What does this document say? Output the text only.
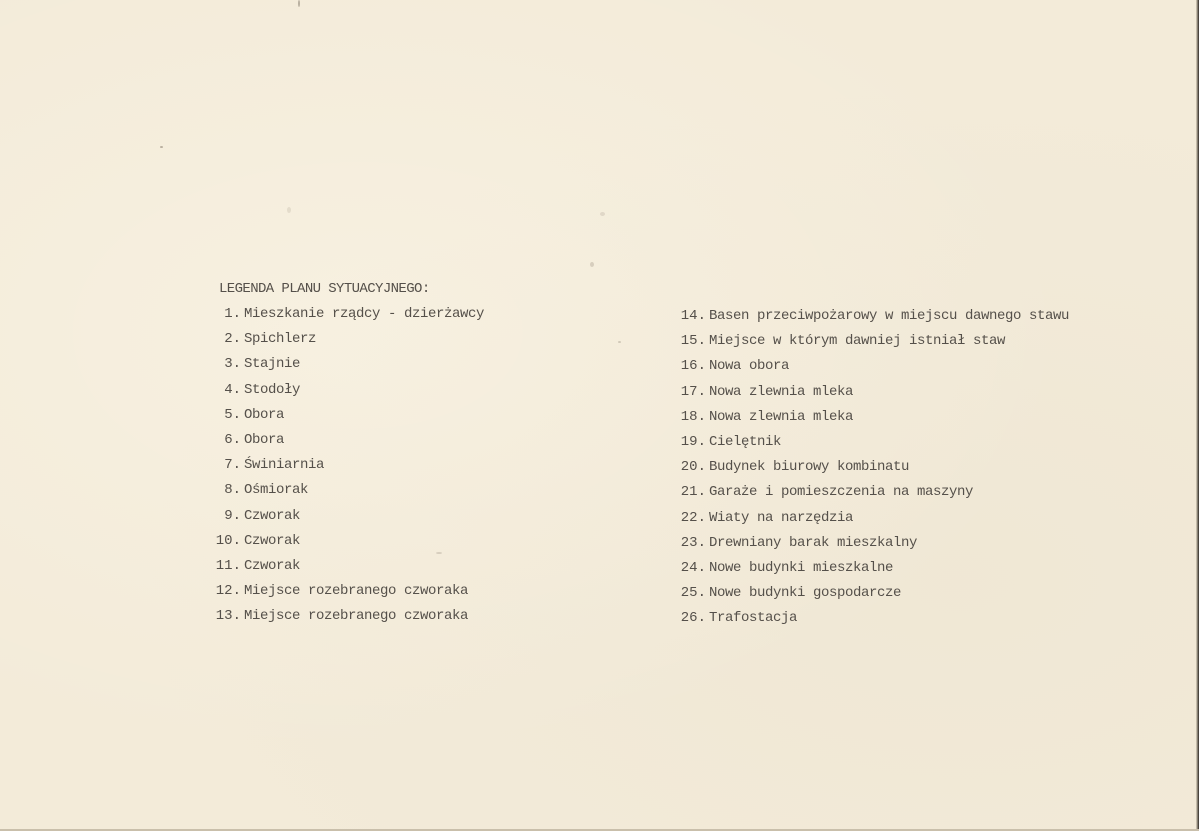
LEGENDA PLANU SYTUACYJNEGO:
1. Mieszkanie rządcy - dzierżawcy
2. Spichlerz
3. Stajnie
4. Stodoły
5. Obora
6. Obora
7. Świniarnia
8. Ośmiorak
9. Czworak
10. Czworak
11. Czworak
12. Miejsce rozebranego czworaka
13. Miejsce rozebranego czworaka
14. Basen przeciwpożarowy w miejscu dawnego stawu
15. Miejsce w którym dawniej istniał staw
16. Nowa obora
17. Nowa zlewnia mleka
18. Nowa zlewnia mleka
19. Cielętnik
20. Budynek biurowy kombinatu
21. Garaże i pomieszczenia na maszyny
22. Wiaty na narzędzia
23. Drewniany barak mieszkalny
24. Nowe budynki mieszkalne
25. Nowe budynki gospodarcze
26. Trafostacja
